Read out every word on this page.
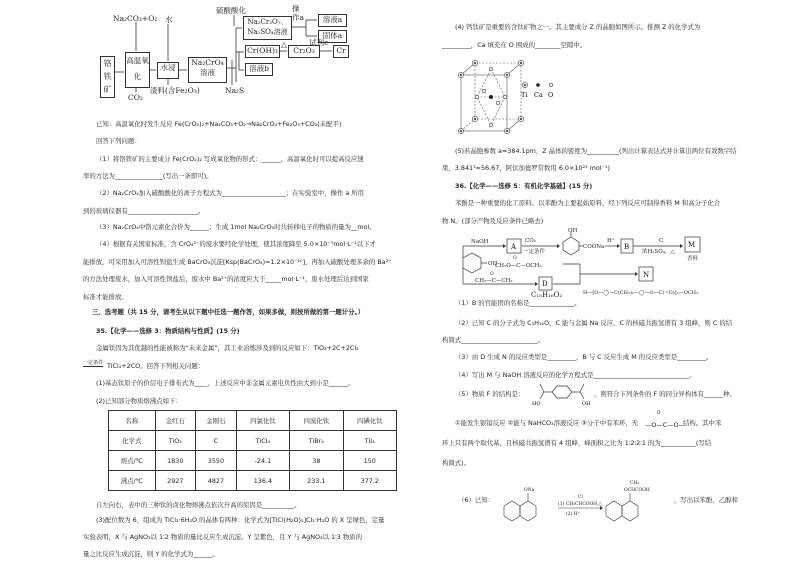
铬铁矿
Na₂CO₃+O₂
高温氧化
CO₂
水
水浸
渣料(含Fe₂O₃)
Na₂CrO₄溶液
硫酸酸化
Na₂Cr₂O₇、Na₂SO₄溶液
操作a	溶液a
固体a
Cr(OH)₃
溶液b
Na₂S
△
Cr₂O₃
试剂c
Cr
已知：高温氧化时发生反应 Fe(CrO₂)₂+Na₂CO₃+O₂→Na₂CrO₄+Fe₂O₃+CO₂(未配平)
回答下列问题：
（1）将铬铁矿的主要成分 Fe(CrO₂)₂ 写成氧化物的形式：______，高温氧化时可以提高反应速
率的方法为_______________(写出一条即可)。
（2）Na₂CrO₄加入硫酸酸化的离子方程式为____________________；在实验室中，操作 a 所用
到的玻璃仪器有______________________。
（3）Na₂CrO₄中铬元素化合价为______；生成 1mol Na₂CrO₄时共转移电子的物质的量为__mol。
（4）根据有关国家标准，含 CrO₄²⁻的废水要经化学处理，使其浓度降至 5.0×10⁻⁷mol·L⁻¹以下才
能排放，可采用加入可溶性钡盐生成 BaCrO₄沉淀[Ksp(BaCrO₄)=1.2×10⁻¹⁰]，再加入硫酸处理多余的 Ba²⁺
的方法处理废水，加入可溶性钡盐后，废水中 Ba²⁺的浓度应大于_____mol·L⁻¹，废水处理后达到国家
标准才能排放。
三、选考题（共 15 分，请考生从以下题中任选一题作答，如果多做，则按所做的第一题计分。）
35.【化学——选修 3：物质结构与性质】(15 分)
金属钛因为其优越的性能被称为“未来金属”，其工业冶炼涉及到的反应如下：TiO₂+2C+2Cl₂
一定条件 TiCl₄+2CO。回答下列相关问题：
(1)基态钛原子的价层电子排布式为____，上述反应中非金属元素电负性由大到小是______。
(2)已知部分物质熔沸点如下：
名称	金红石	金刚石	四氯化钛	四溴化钛	四碘化钛
化学式	TiO₂	C	TiCl₄	TiBr₄	TiI₄
熔点/℃	1830	3550	-24.1	38	150
沸点/℃	2927	4827	136.4	233.1	377.2
自左向右，表中的三种钛的卤化物熔沸点依次升高的原因是__________。
(3)配位数为 6，组成为 TiCl₃·6H₂O 的晶体有两种：化学式为[TiCl(H₂O)₅]Cl₂·H₂O 的 X 呈绿色，定量
实验表明，X 与 AgNO₃以 1∶2 物质的量比反应生成沉淀。Y 呈紫色，且 Y 与 AgNO₃以 1∶3 物质的
量之比反应生成沉淀，则 Y 的化学式为______。
(4) 钙钛矿是重要的含钛矿物之一。其主要成分 Z 的晶胞如图所示。推测 Z 的化学式为
_________，Ca 填充在 O 围成的________空隙中。
Ti Ca O
(5)若晶胞参数 a=384.1pm，Z 晶体的密度为__________(列出计算表达式并计算出两位有效数字结
果，3.841³≈56.67，阿伏加德罗常数用 6.0×10²³ mol⁻¹)
36.【化学——选修 5：有机化学基础】(15 分)
苯酚是一种重要的化工原料。以苯酚为主要起始原料，经下列反应可制得香料 M 和高分子化合
物 N。(部分产物及反应条件已略去)
NaOH	CO₂
一定条件
OH
COONa
H⁺	C
浓H₂SO₄，△
香料
OH
O
CH₃O—C—OCH₃
O
CH₃—C—CH₃
C₁₅H₁₆O₂	H—[O—◯—C(CH₃)₂—◯—O—C(=O)]ₙ—OCH₃
A	B	M
D
N
（1）B 的官能团的名称是______________。
（2）已知 C 的分子式为 C₅H₁₂O，C 能与金属 Na 反应，C 的核磁共振氢谱有 3 组峰，则 C 的结
构简式________________________。
（3）由 D 生成 N 的反应类型是_________，B 与 C 反应生成 M 的反应类型是_________。
（4）写出 M 与 NaOH 溶液反应的化学方程式是______________________________。
（5）物质 F 的结构是：
HO	OH
，则符合下列条件的 F 的同分异构体有______种。
①能发生银镜反应 ②能与 NaHCO₃溶液反应 ③分子中有苯环，无
O
—O—C—O—
结构。其中苯
环上只有两个取代基，且核磁共振氢谱有 4 组峰，峰面积之比为 1∶2∶2∶1 的为___________(写结
构简式)。
（6）已知：
ONa
Cl
(1) CH₃CHCOOH,△
(2) H⁺
CH₃
OCHCOOH
，写出以苯酚、乙醇和
